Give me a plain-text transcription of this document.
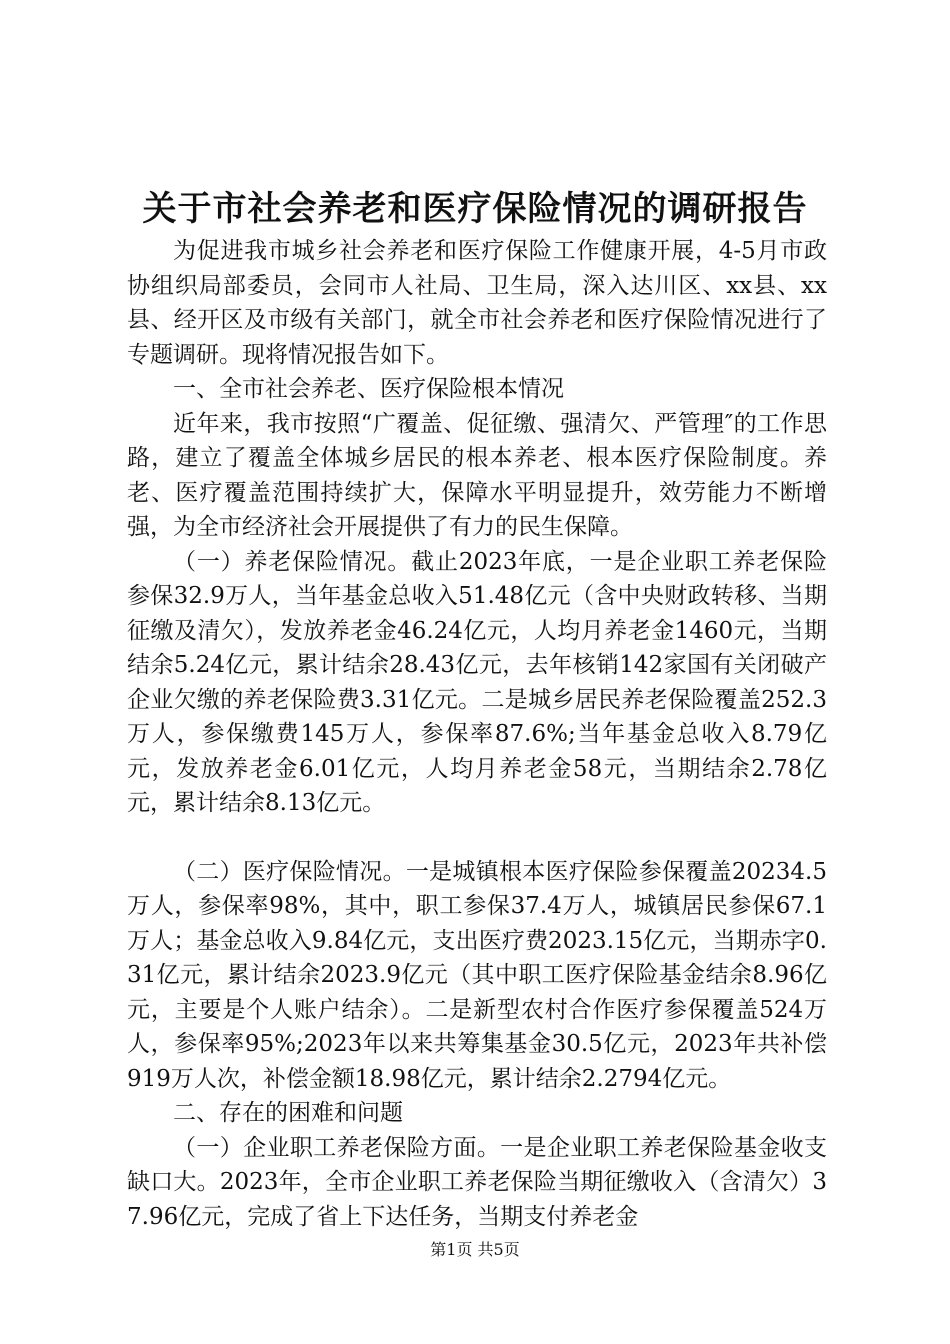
关于市社会养老和医疗保险情况的调研报告

为促进我市城乡社会养老和医疗保险工作健康开展，4-5月市政协组织局部委员，会同市人社局、卫生局，深入达川区、xx县、xx县、经开区及市级有关部门，就全市社会养老和医疗保险情况进行了专题调研。现将情况报告如下。

一、全市社会养老、医疗保险根本情况

近年来，我市按照“广覆盖、促征缴、强清欠、严管理″的工作思路，建立了覆盖全体城乡居民的根本养老、根本医疗保险制度。养老、医疗覆盖范围持续扩大，保障水平明显提升，效劳能力不断增强，为全市经济社会开展提供了有力的民生保障。

（一）养老保险情况。截止2023年底，一是企业职工养老保险参保32.9万人，当年基金总收入51.48亿元（含中央财政转移、当期征缴及清欠），发放养老金46.24亿元，人均月养老金1460元，当期结余5.24亿元，累计结余28.43亿元，去年核销142家国有关闭破产企业欠缴的养老保险费3.31亿元。二是城乡居民养老保险覆盖252.3万人，参保缴费145万人，参保率87.6%;当年基金总收入8.79亿元，发放养老金6.01亿元，人均月养老金58元，当期结余2.78亿元，累计结余8.13亿元。

（二）医疗保险情况。一是城镇根本医疗保险参保覆盖20234.5万人，参保率98%，其中，职工参保37.4万人，城镇居民参保67.1万人；基金总收入9.84亿元，支出医疗费2023.15亿元，当期赤字0.31亿元，累计结余2023.9亿元（其中职工医疗保险基金结余8.96亿元，主要是个人账户结余）。二是新型农村合作医疗参保覆盖524万人，参保率95%;2023年以来共筹集基金30.5亿元，2023年共补偿919万人次，补偿金额18.98亿元，累计结余2.2794亿元。

二、存在的困难和问题

（一）企业职工养老保险方面。一是企业职工养老保险基金收支缺口大。2023年，全市企业职工养老保险当期征缴收入（含清欠）37.96亿元，完成了省上下达任务，当期支付养老金

第1页 共5页
